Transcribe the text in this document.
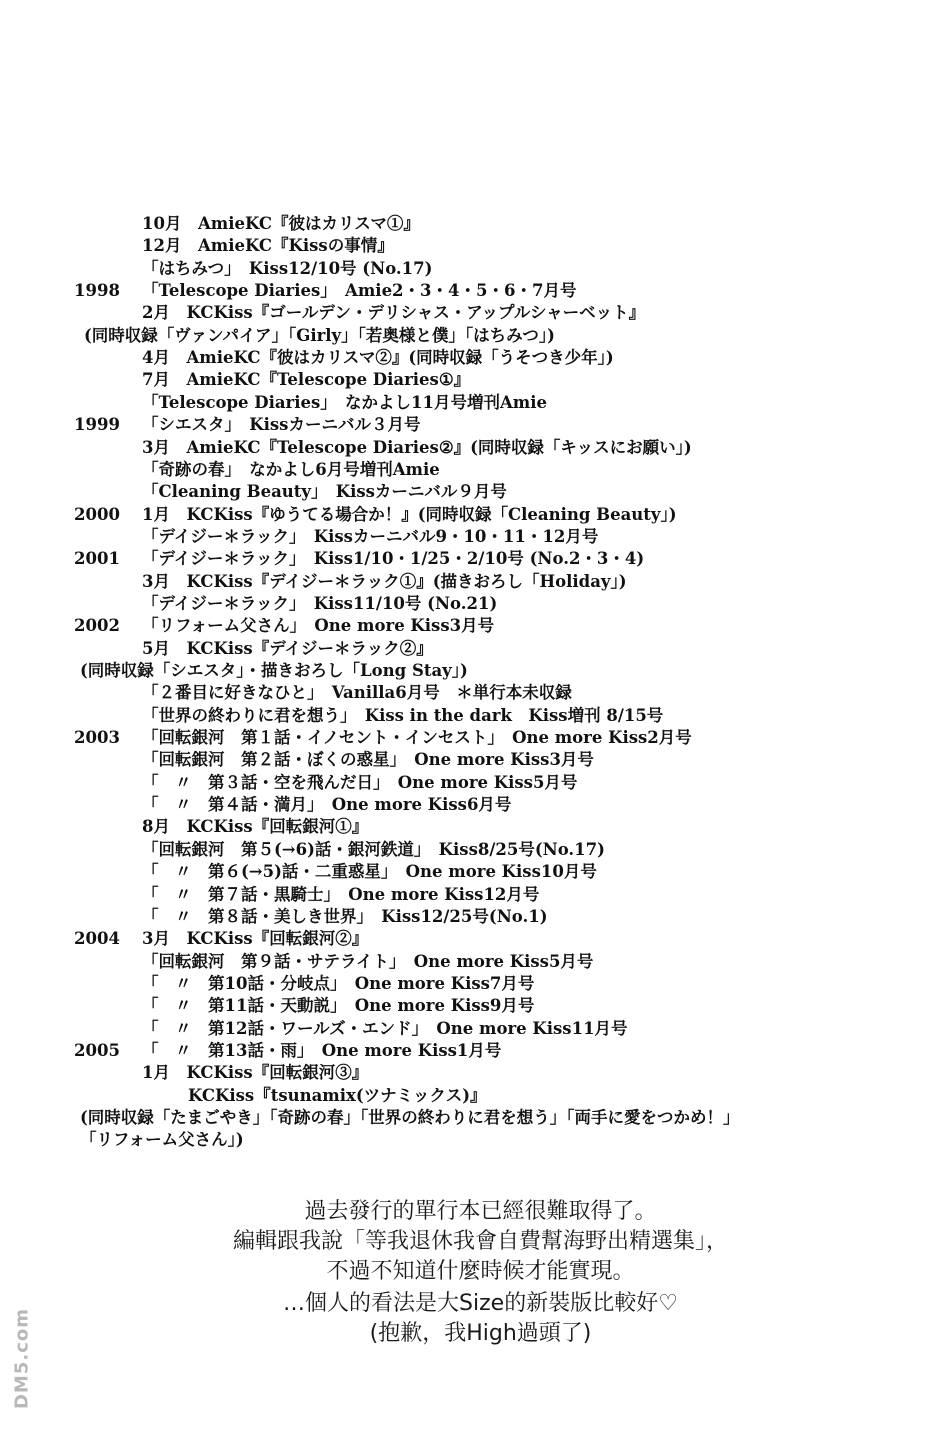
10月　AmieKC『彼はカリスマ①』
12月　AmieKC『Kissの事情』
「はちみつ」　Kiss12/10号 (No.17)
1998 「Telescope Diaries」　Amie2・3・4・5・6・7月号
2月　KCKiss『ゴールデン・デリシャス・アップルシャーベット』
(同時収録「ヴァンパイア」「Girly」「若奥様と僕」「はちみつ」)
4月　AmieKC『彼はカリスマ②』(同時収録「うそつき少年」)
7月　AmieKC『Telescope Diaries①』
「Telescope Diaries」　なかよし11月号増刊Amie
1999 「シエスタ」　Kissカーニバル３月号
3月　AmieKC『Telescope Diaries②』(同時収録「キッスにお願い」)
「奇跡の春」　なかよし6月号増刊Amie
「Cleaning Beauty」　Kissカーニバル９月号
2000 1月　KCKiss『ゆうてる場合か！』(同時収録「Cleaning Beauty」)
「デイジー＊ラック」　Kissカーニバル9・10・11・12月号
2001 「デイジー＊ラック」　Kiss1/10・1/25・2/10号 (No.2・3・4)
3月　KCKiss『デイジー＊ラック①』(描きおろし「Holiday」)
「デイジー＊ラック」　Kiss11/10号 (No.21)
2002 「リフォーム父さん」　One more Kiss3月号
5月　KCKiss『デイジー＊ラック②』
(同時収録「シエスタ」・描きおろし「Long Stay」)
「２番目に好きなひと」　Vanilla6月号　＊単行本未収録
「世界の終わりに君を想う」　Kiss in the dark　Kiss増刊 8/15号
2003 「回転銀河　第１話・イノセント・インセスト」　One more Kiss2月号
「回転銀河　第２話・ぼくの惑星」　One more Kiss3月号
「　〃　第３話・空を飛んだ日」　One more Kiss5月号
「　〃　第４話・満月」　One more Kiss6月号
8月　KCKiss『回転銀河①』
「回転銀河　第５(→6)話・銀河鉄道」　Kiss8/25号(No.17)
「　〃　第６(→5)話・二重惑星」　One more Kiss10月号
「　〃　第７話・黒騎士」　One more Kiss12月号
「　〃　第８話・美しき世界」　Kiss12/25号(No.1)
2004 3月　KCKiss『回転銀河②』
「回転銀河　第９話・サテライト」　One more Kiss5月号
「　〃　第10話・分岐点」　One more Kiss7月号
「　〃　第11話・天動説」　One more Kiss9月号
「　〃　第12話・ワールズ・エンド」　One more Kiss11月号
2005 「　〃　第13話・雨」　One more Kiss1月号
1月　KCKiss『回転銀河③』
KCKiss『tsunamix(ツナミックス)』
(同時収録「たまごやき」「奇跡の春」「世界の終わりに君を想う」「両手に愛をつかめ！」
「リフォーム父さん」)
過去發行的單行本已經很難取得了。
編輯跟我說「等我退休我會自費幫海野出精選集」，
不過不知道什麼時候才能實現。
…個人的看法是大Size的新裝版比較好♡
(抱歉，我High過頭了)
DM5.com
